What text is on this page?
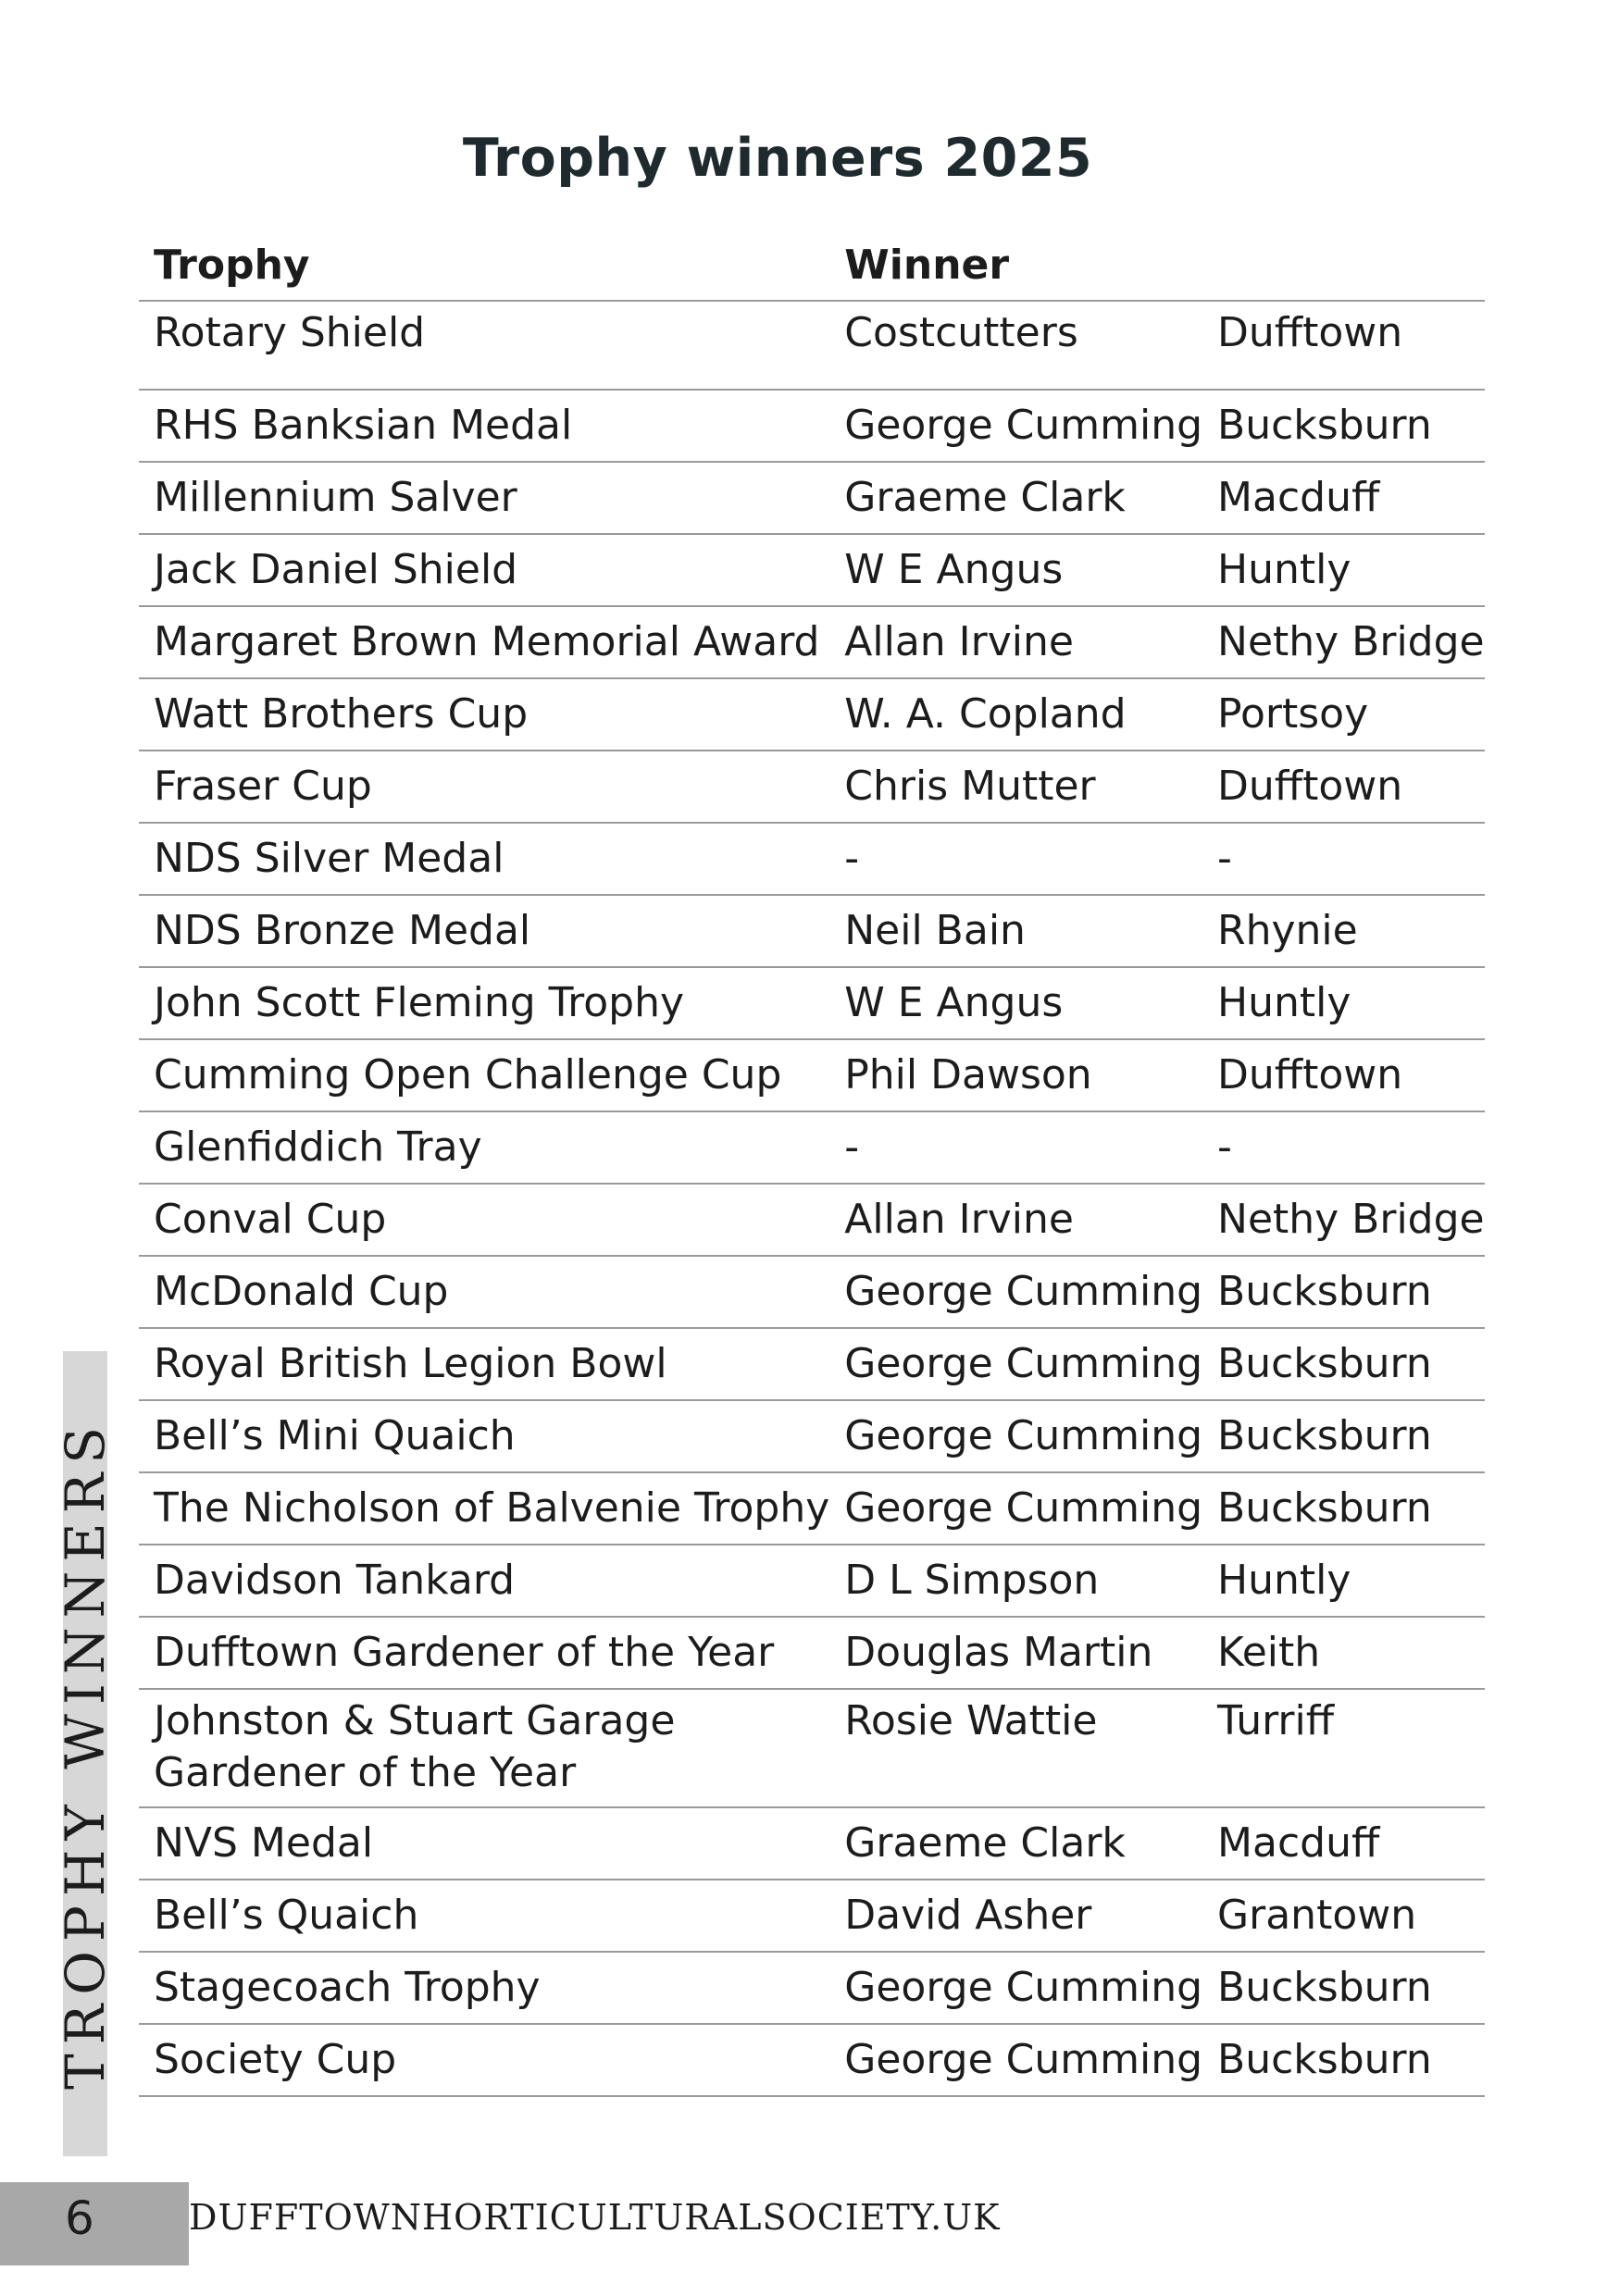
Trophy winners 2025
Trophy	Winner	
Rotary Shield	Costcutters	Dufftown
RHS Banksian Medal	George Cumming	Bucksburn
Millennium Salver	Graeme Clark	Macduff
Jack Daniel Shield	W E Angus	Huntly
Margaret Brown Memorial Award	Allan Irvine	Nethy Bridge
Watt Brothers Cup	W. A. Copland	Portsoy
Fraser Cup	Chris Mutter	Dufftown
NDS Silver Medal	-	-
NDS Bronze Medal	Neil Bain	Rhynie
John Scott Fleming Trophy	W E Angus	Huntly
Cumming Open Challenge Cup	Phil Dawson	Dufftown
Glenfiddich Tray	-	-
Conval Cup	Allan Irvine	Nethy Bridge
McDonald Cup	George Cumming	Bucksburn
Royal British Legion Bowl	George Cumming	Bucksburn
Bell’s Mini Quaich	George Cumming	Bucksburn
The Nicholson of Balvenie Trophy	George Cumming	Bucksburn
Davidson Tankard	D L Simpson	Huntly
Dufftown Gardener of the Year	Douglas Martin	Keith
Johnston & Stuart Garage Gardener of the Year	Rosie Wattie	Turriff
NVS Medal	Graeme Clark	Macduff
Bell’s Quaich	David Asher	Grantown
Stagecoach Trophy	George Cumming	Bucksburn
Society Cup	George Cumming	Bucksburn
TROPHY WINNERS
6	DUFFTOWNHORTICULTURALSOCIETY.UK
